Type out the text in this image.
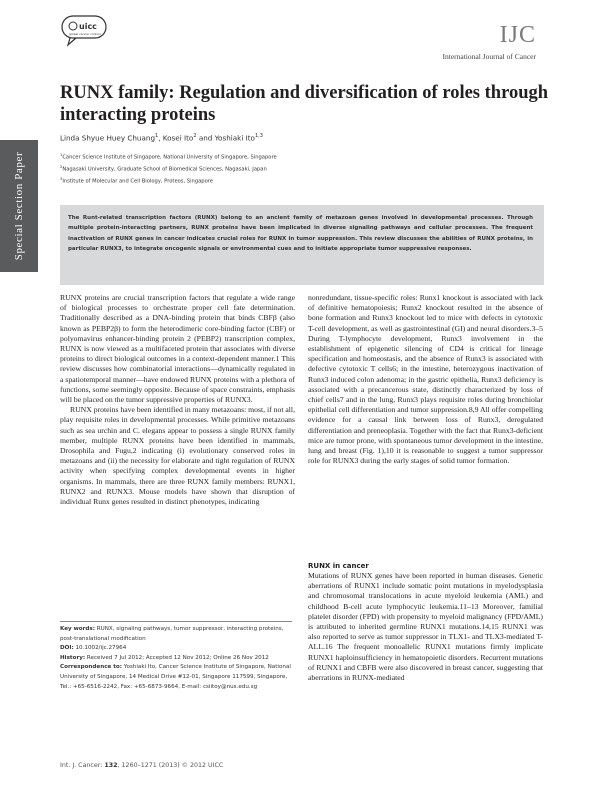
uicc
global cancer control	IJC
International Journal of Cancer
Special Section Paper
RUNX family: Regulation and diversification of roles through interacting proteins
Linda Shyue Huey Chuang$^1$, Kosei Ito$^2$ and Yoshiaki Ito$^{1,3}$
$^1$Cancer Science Institute of Singapore, National University of Singapore, Singapore
$^2$Nagasaki University, Graduate School of Biomedical Sciences, Nagasaki, Japan
$^3$Institute of Molecular and Cell Biology, Proteos, Singapore

The Runt-related transcription factors (RUNX) belong to an ancient family of metazoan genes involved in developmental processes. Through multiple protein-interacting partners, RUNX proteins have been implicated in diverse signaling pathways and cellular processes. The frequent inactivation of RUNX genes in cancer indicates crucial roles for RUNX in tumor suppression. This review discusses the abilities of RUNX proteins, in particular RUNX3, to integrate oncogenic signals or environmental cues and to initiate appropriate tumor suppressive responses.

RUNX proteins are crucial transcription factors that regulate a wide range of biological processes to orchestrate proper cell fate determination. Traditionally described as a DNA-binding protein that binds CBFβ (also known as PEBP2β) to form the heterodimeric core-binding factor (CBF) or polyomavirus enhancer-binding protein 2 (PEBP2) transcription complex, RUNX is now viewed as a multifaceted protein that associates with diverse proteins to direct biological outcomes in a context-dependent manner.1 This review discusses how combinatorial interactions—dynamically regulated in a spatiotemporal manner—have endowed RUNX proteins with a plethora of functions, some seemingly opposite. Because of space constraints, emphasis will be placed on the tumor suppressive properties of RUNX3.

RUNX proteins have been identified in many metazoans: most, if not all, play requisite roles in developmental processes. While primitive metazoans such as sea urchin and C. elegans appear to possess a single RUNX family member, multiple RUNX proteins have been identified in mammals, Drosophila and Fugu,2 indicating (i) evolutionary conserved roles in metazoans and (ii) the necessity for elaborate and tight regulation of RUNX activity when specifying complex developmental events in higher organisms. In mammals, there are three RUNX family members: RUNX1, RUNX2 and RUNX3. Mouse models have shown that disruption of individual Runx genes resulted in distinct phenotypes, indicating

nonredundant, tissue-specific roles: Runx1 knockout is associated with lack of definitive hematopoiesis; Runx2 knockout resulted in the absence of bone formation and Runx3 knockout led to mice with defects in cytotoxic T-cell development, as well as gastrointestinal (GI) and neural disorders.3–5 During T-lymphocyte development, Runx3 involvement in the establishment of epigenetic silencing of CD4 is critical for lineage specification and homeostasis, and the absence of Runx3 is associated with defective cytotoxic T cells6; in the intestine, heterozygous inactivation of Runx3 induced colon adenoma; in the gastric epithelia, Runx3 deficiency is associated with a precancerous state, distinctly characterized by loss of chief cells7 and in the lung, Runx3 plays requisite roles during bronchiolar epithelial cell differentiation and tumor suppression.8,9 All offer compelling evidence for a causal link between loss of Runx3, deregulated differentiation and preneoplasia. Together with the fact that Runx3-deficient mice are tumor prone, with spontaneous tumor development in the intestine, lung and breast (Fig. 1),10 it is reasonable to suggest a tumor suppressor role for RUNX3 during the early stages of solid tumor formation.

RUNX in cancer

Mutations of RUNX genes have been reported in human diseases. Genetic aberrations of RUNX1 include somatic point mutations in myelodysplasia and chromosomal translocations in acute myeloid leukemia (AML) and childhood B-cell acute lymphocytic leukemia.11–13 Moreover, familial platelet disorder (FPD) with propensity to myeloid malignancy (FPD/AML) is attributed to inherited germline RUNX1 mutations.14,15 RUNX1 was also reported to serve as tumor suppressor in TLX1- and TLX3-mediated T-ALL.16 The frequent monoallelic RUNX1 mutations firmly implicate RUNX1 haploinsufficiency in hematopoietic disorders. Recurrent mutations of RUNX1 and CBFB were also discovered in breast cancer, suggesting that aberrations in RUNX-mediated

Key words: RUNX, signaling pathways, tumor suppressor, interacting proteins, post-translational modification
DOI: 10.1002/ijc.27964
History: Received 7 Jul 2012; Accepted 12 Nov 2012; Online 26 Nov 2012
Correspondence to: Yoshiaki Ito, Cancer Science Institute of Singapore, National University of Singapore, 14 Medical Drive #12-01, Singapore 117599, Singapore, Tel.: +65-6516-2242, Fax: +65-6873-9664, E-mail: csiitoy@nus.edu.sg
Int. J. Cancer: 132, 1260–1271 (2013) © 2012 UICC
